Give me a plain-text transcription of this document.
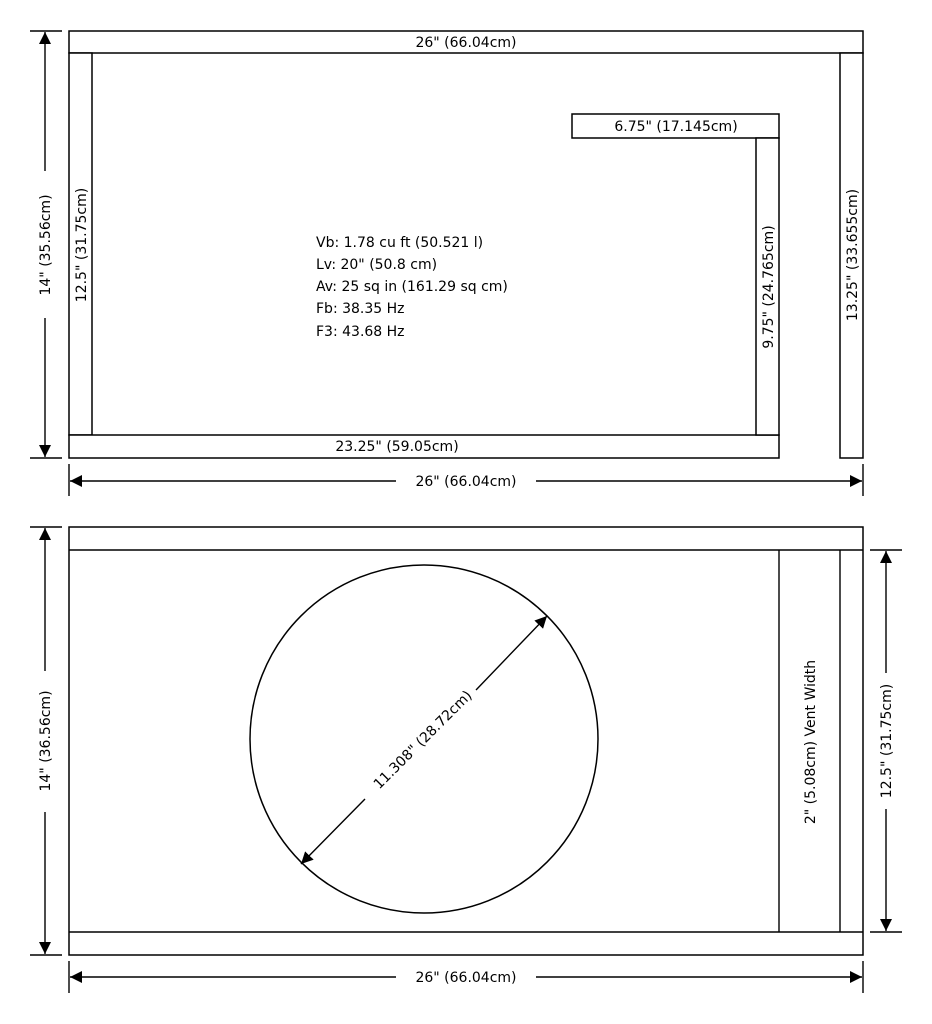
26" (66.04cm)
12.5" (31.75cm)	13.25" (33.655cm)
23.25" (59.05cm)
6.75" (17.145cm)
9.75" (24.765cm)
Vb: 1.78 cu ft (50.521 l)
Lv: 20" (50.8 cm)
Av: 25 sq in (161.29 sq cm)
Fb: 38.35 Hz
F3: 43.68 Hz
14" (35.56cm)
26" (66.04cm)
11.308" (28.72cm)	2" (5.08cm) Vent Width
14" (36.56cm)	12.5" (31.75cm)
26" (66.04cm)
